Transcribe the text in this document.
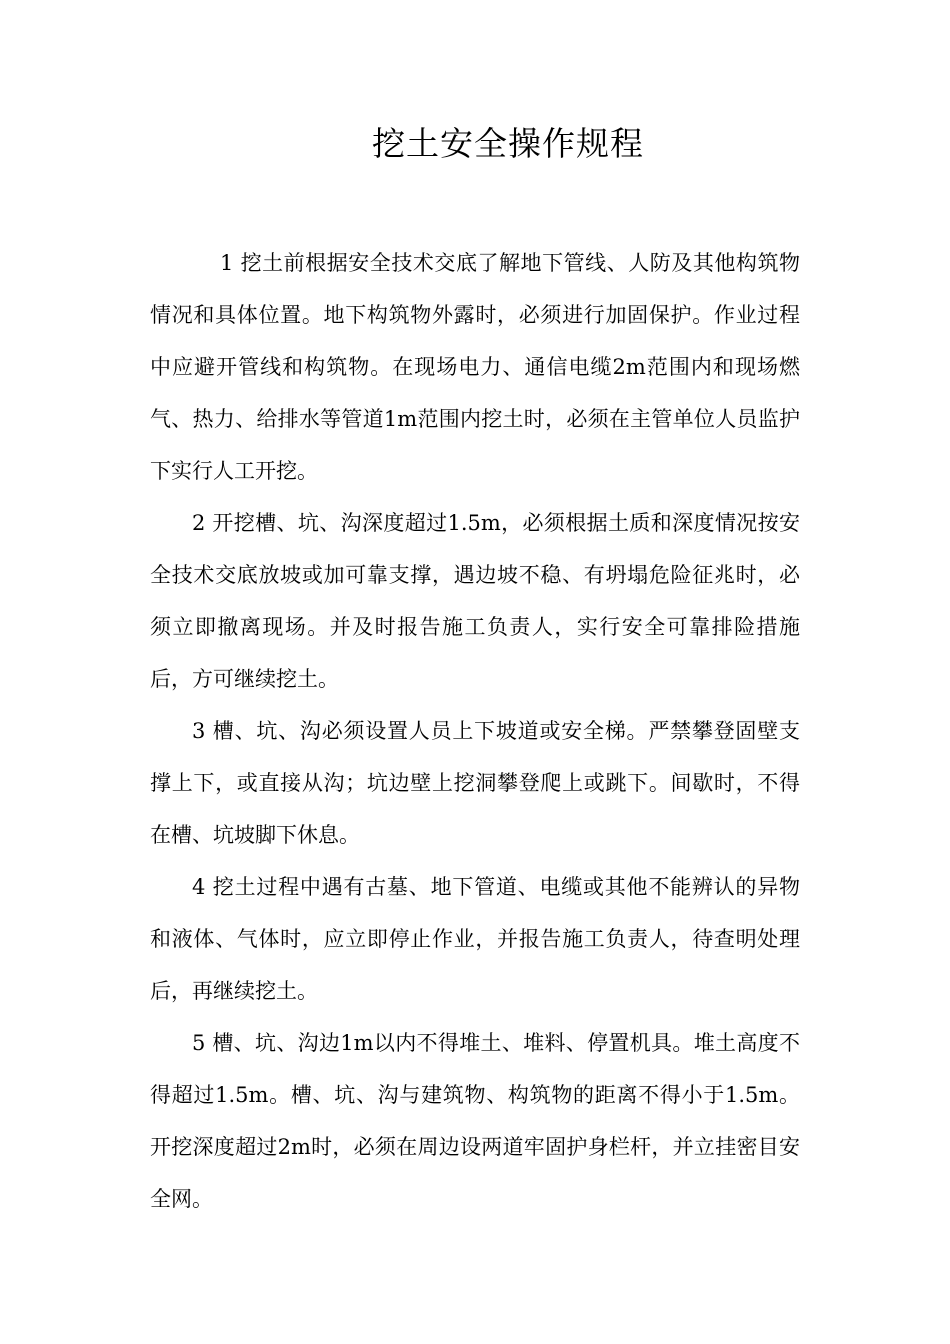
挖土安全操作规程

1 挖土前根据安全技术交底了解地下管线、人防及其他构筑物情况和具体位置。地下构筑物外露时，必须进行加固保护。作业过程中应避开管线和构筑物。在现场电力、通信电缆2m范围内和现场燃气、热力、给排水等管道1m范围内挖土时，必须在主管单位人员监护下实行人工开挖。

2 开挖槽、坑、沟深度超过1.5m，必须根据土质和深度情况按安全技术交底放坡或加可靠支撑，遇边坡不稳、有坍塌危险征兆时，必须立即撤离现场。并及时报告施工负责人，实行安全可靠排险措施后，方可继续挖土。

3 槽、坑、沟必须设置人员上下坡道或安全梯。严禁攀登固壁支撑上下，或直接从沟；坑边壁上挖洞攀登爬上或跳下。间歇时，不得在槽、坑坡脚下休息。

4 挖土过程中遇有古墓、地下管道、电缆或其他不能辨认的异物和液体、气体时，应立即停止作业，并报告施工负责人，待查明处理后，再继续挖土。

5 槽、坑、沟边1m以内不得堆土、堆料、停置机具。堆土高度不得超过1.5m。槽、坑、沟与建筑物、构筑物的距离不得小于1.5m。开挖深度超过2m时，必须在周边设两道牢固护身栏杆，并立挂密目安全网。
